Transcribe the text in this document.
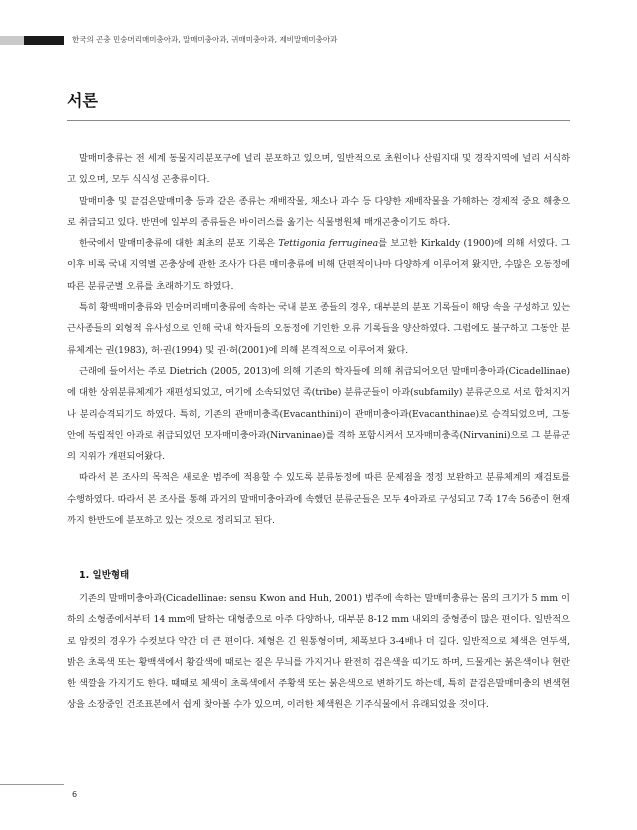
한국의 곤충 민숭머리매미충아과, 말매미충아과, 귀매미충아과, 제비말매미충아과
서론

말매미충류는 전 세계 동물지리분포구에 널리 분포하고 있으며, 일반적으로 초원이나 산림지대 및 경작지역에 널리 서식하고 있으며, 모두 식식성 곤충류이다.

말매미충 및 끝검은말매미충 등과 같은 종류는 재배작물, 채소나 과수 등 다양한 재배작물을 가해하는 경제적 중요 해충으로 취급되고 있다. 반면에 일부의 종류들은 바이러스를 옮기는 식물병원체 매개곤충이기도 하다.

한국에서 말매미충류에 대한 최초의 분포 기록은 Tettigonia ferruginea를 보고한 Kirkaldy (1900)에 의해 서였다. 그 이후 비록 국내 지역별 곤충상에 관한 조사가 다른 매미충류에 비해 단편적이나마 다양하게 이루어져 왔지만, 수많은 오동정에 따른 분류군별 오류를 초래하기도 하였다.

특히 황백매미충류와 민숭머리매미충류에 속하는 국내 분포 종들의 경우, 대부분의 분포 기록들이 해당 속을 구성하고 있는 근사종들의 외형적 유사성으로 인해 국내 학자들의 오동정에 기인한 오류 기록들을 양산하였다. 그럼에도 불구하고 그동안 분류체계는 권(1983), 허·권(1994) 및 권·허(2001)에 의해 본격적으로 이루어져 왔다.

근래에 들어서는 주로 Dietrich (2005, 2013)에 의해 기존의 학자들에 의해 취급되어오던 말매미충아과(Cicadellinae)에 대한 상위분류체계가 재편성되었고, 여기에 소속되었던 족(tribe) 분류군들이 아과(subfamily) 분류군으로 서로 합쳐지거나 분리승격되기도 하였다. 특히, 기존의 관매미충족(Evacanthini)이 관매미충아과(Evacanthinae)로 승격되었으며, 그동안에 독립적인 아과로 취급되었던 모자매미충아과(Nirvaninae)를 격하 포함시켜서 모자매미충족(Nirvanini)으로 그 분류군의 지위가 개편되어왔다.

따라서 본 조사의 목적은 새로운 범주에 적용할 수 있도록 분류동정에 따른 문제점을 정정 보완하고 분류체계의 재검토를 수행하였다. 따라서 본 조사를 통해 과거의 말매미충아과에 속했던 분류군들은 모두 4아과로 구성되고 7족 17속 56종이 현재까지 한반도에 분포하고 있는 것으로 정리되고 된다.

1. 일반형태

기존의 말매미충아과(Cicadellinae: sensu Kwon and Huh, 2001) 범주에 속하는 말매미충류는 몸의 크기가 5 mm 이하의 소형종에서부터 14 mm에 달하는 대형종으로 아주 다양하나, 대부분 8-12 mm 내외의 중형종이 많은 편이다. 일반적으로 암컷의 경우가 수컷보다 약간 더 큰 편이다. 체형은 긴 원통형이며, 체폭보다 3-4배나 더 길다. 일반적으로 체색은 연두색, 밝은 초록색 또는 황백색에서 황갈색에 때로는 짙은 무늬를 가지거나 완전히 검은색을 띠기도 하며, 드물게는 붉은색이나 현란한 색깔을 가지기도 한다. 때때로 체색이 초록색에서 주황색 또는 붉은색으로 변하기도 하는데, 특히 끝검은말매미충의 변색현상을 소장중인 건조표본에서 쉽게 찾아볼 수가 있으며, 이러한 체색원은 기주식물에서 유래되었을 것이다.

6
